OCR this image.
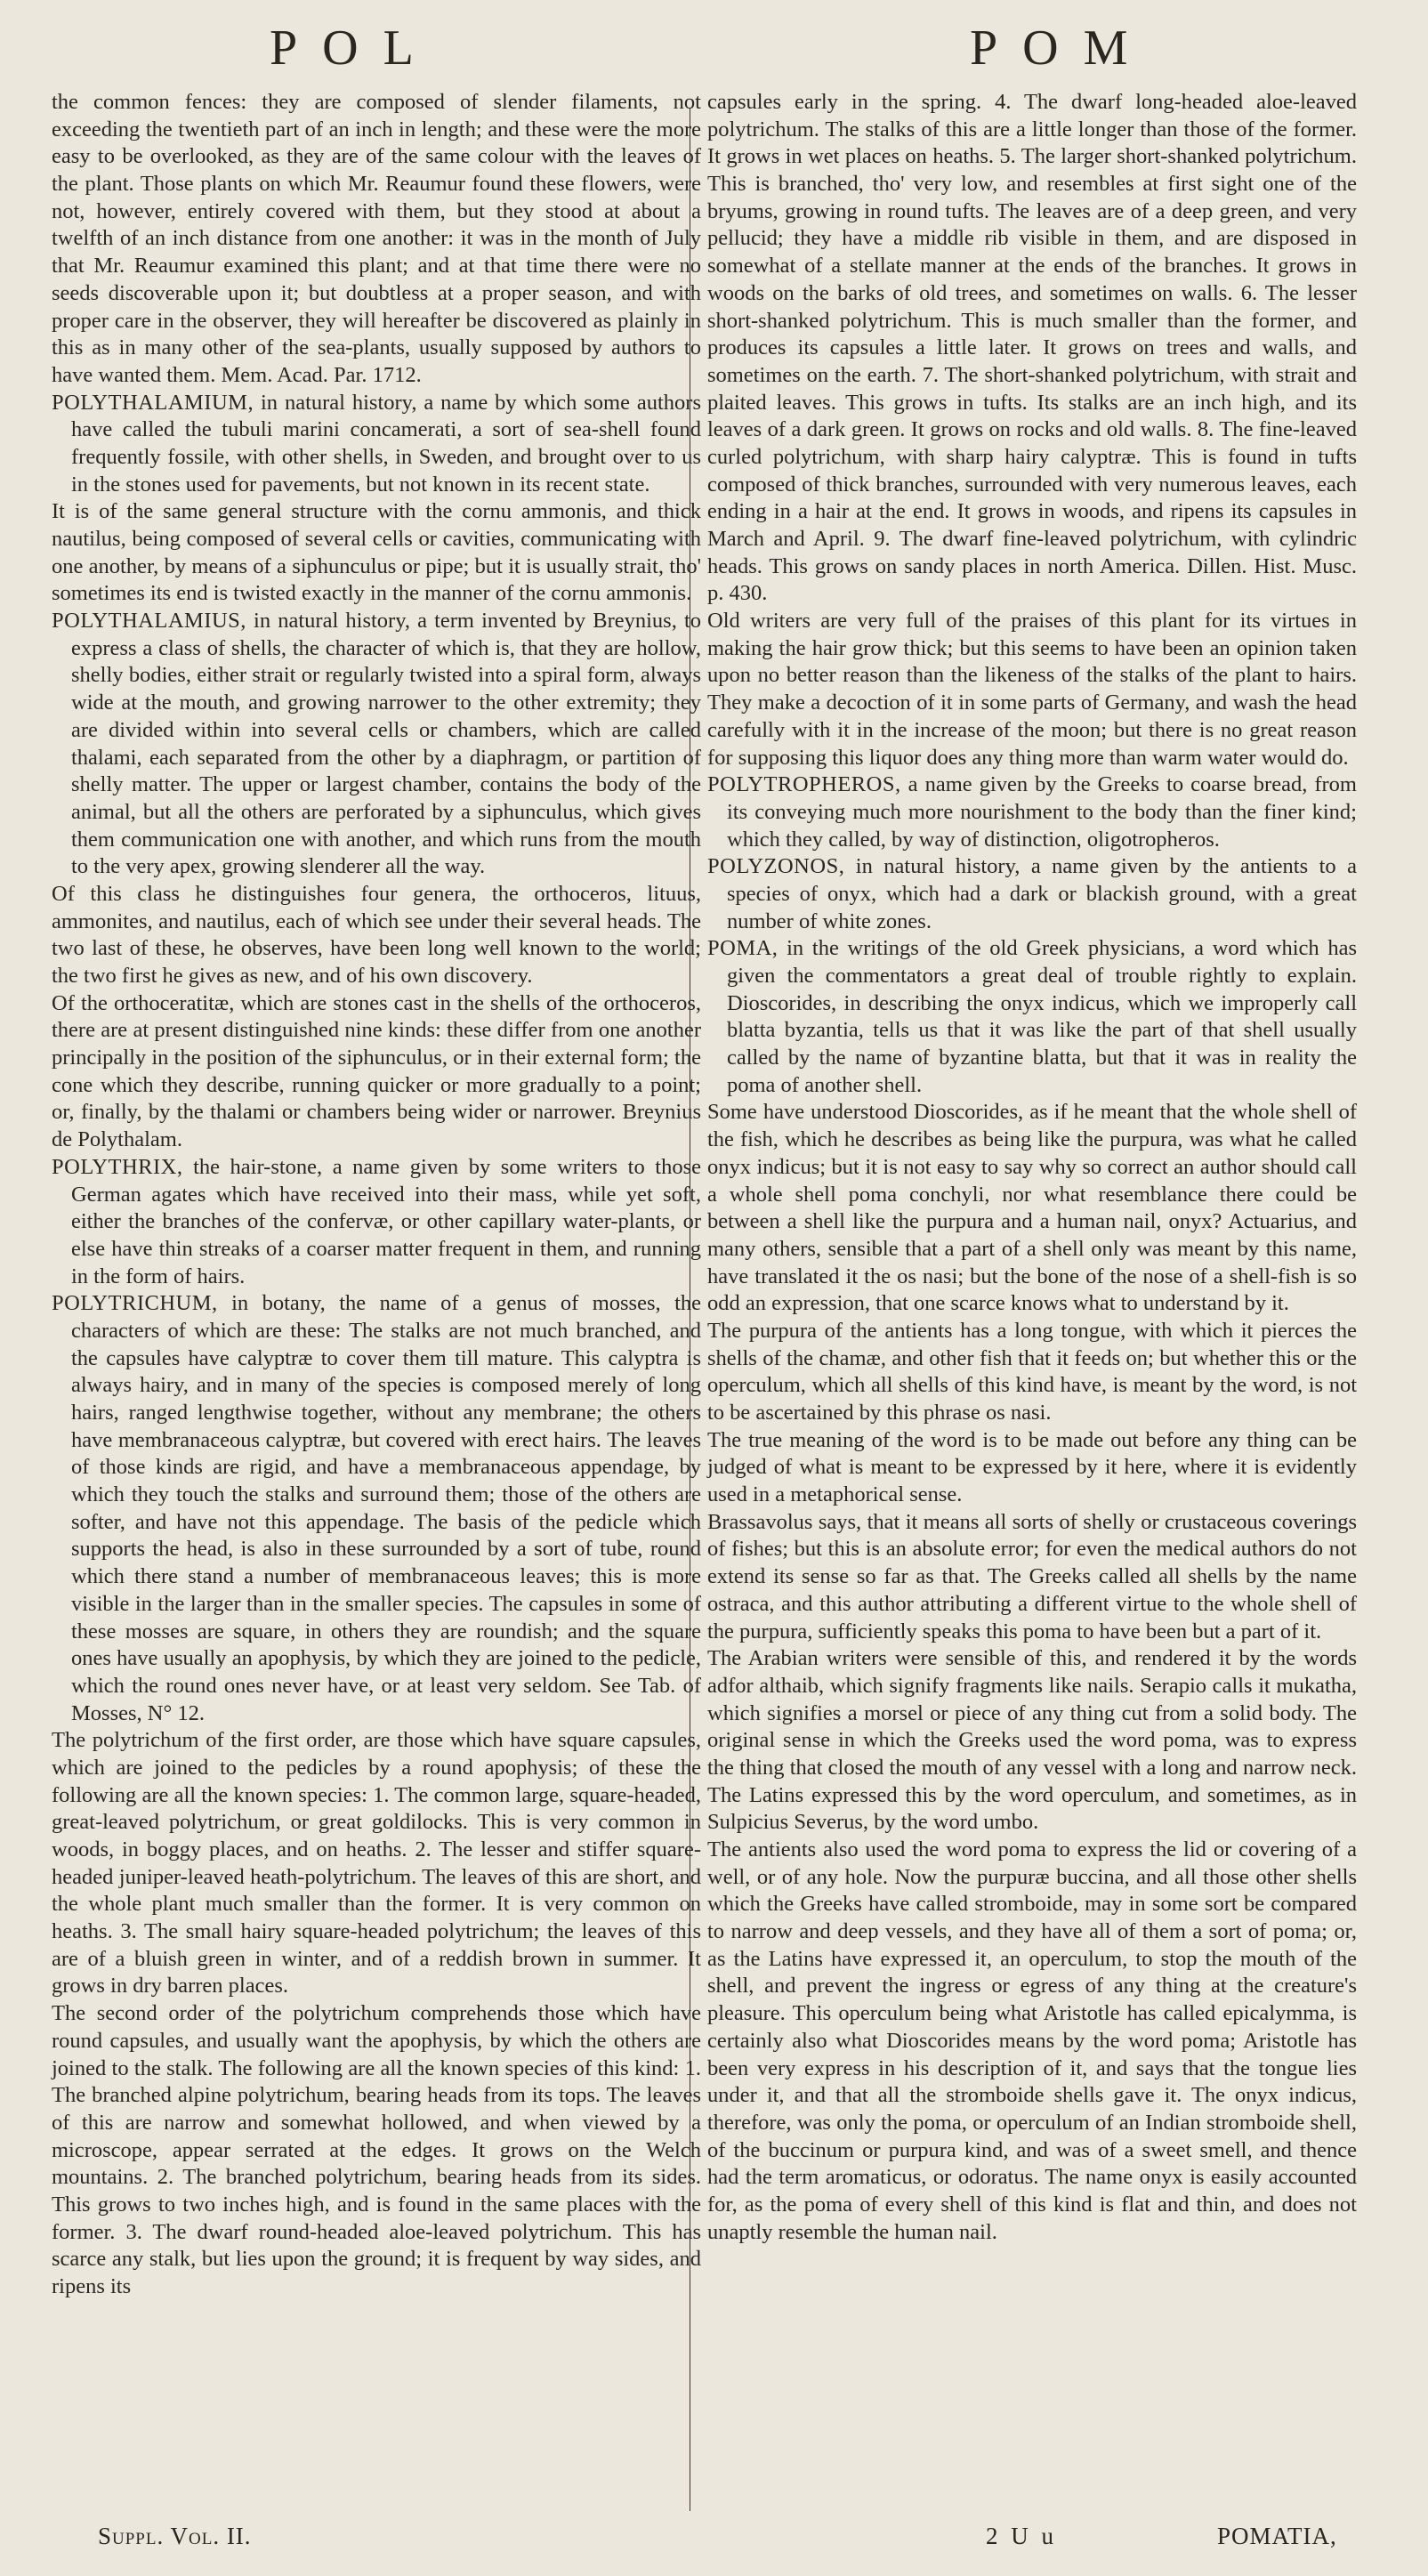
POL	POM
the common fences: they are composed of slender filaments, not exceeding the twentieth part of an inch in length; and these were the more easy to be overlooked, as they are of the same colour with the leaves of the plant. Those plants on which Mr. Reaumur found these flowers, were not, however, entirely covered with them, but they stood at about a twelfth of an inch distance from one another: it was in the month of July that Mr. Reaumur examined this plant; and at that time there were no seeds discoverable upon it; but doubtless at a proper season, and with proper care in the observer, they will hereafter be discovered as plainly in this as in many other of the sea-plants, usually supposed by authors to have wanted them. Mem. Acad. Par. 1712.
POLYTHALAMIUM, in natural history, a name by which some authors have called the tubuli marini concamerati, a sort of sea-shell found frequently fossile, with other shells, in Sweden, and brought over to us in the stones used for pavements, but not known in its recent state.
It is of the same general structure with the cornu ammonis, and thick nautilus, being composed of several cells or cavities, communicating with one another, by means of a siphunculus or pipe; but it is usually strait, tho' sometimes its end is twisted exactly in the manner of the cornu ammonis.
POLYTHALAMIUS, in natural history, a term invented by Breynius, to express a class of shells, the character of which is, that they are hollow, shelly bodies, either strait or regularly twisted into a spiral form, always wide at the mouth, and growing narrower to the other extremity; they are divided within into several cells or chambers, which are called thalami, each separated from the other by a diaphragm, or partition of shelly matter. The upper or largest chamber, contains the body of the animal, but all the others are perforated by a siphunculus, which gives them communication one with another, and which runs from the mouth to the very apex, growing slenderer all the way.
Of this class he distinguishes four genera, the orthoceros, lituus, ammonites, and nautilus, each of which see under their several heads. The two last of these, he observes, have been long well known to the world; the two first he gives as new, and of his own discovery.
Of the orthoceratitæ, which are stones cast in the shells of the orthoceros, there are at present distinguished nine kinds: these differ from one another principally in the position of the siphunculus, or in their external form; the cone which they describe, running quicker or more gradually to a point; or, finally, by the thalami or chambers being wider or narrower. Breynius de Polythalam.
POLYTHRIX, the hair-stone, a name given by some writers to those German agates which have received into their mass, while yet soft, either the branches of the confervæ, or other capillary water-plants, or else have thin streaks of a coarser matter frequent in them, and running in the form of hairs.
POLYTRICHUM, in botany, the name of a genus of mosses, the characters of which are these: The stalks are not much branched, and the capsules have calyptræ to cover them till mature. This calyptra is always hairy, and in many of the species is composed merely of long hairs, ranged lengthwise together, without any membrane; the others have membranaceous calyptræ, but covered with erect hairs. The leaves of those kinds are rigid, and have a membranaceous appendage, by which they touch the stalks and surround them; those of the others are softer, and have not this appendage. The basis of the pedicle which supports the head, is also in these surrounded by a sort of tube, round which there stand a number of membranaceous leaves; this is more visible in the larger than in the smaller species. The capsules in some of these mosses are square, in others they are roundish; and the square ones have usually an apophysis, by which they are joined to the pedicle, which the round ones never have, or at least very seldom. See Tab. of Mosses, N° 12.
The polytrichum of the first order, are those which have square capsules, which are joined to the pedicles by a round apophysis; of these the following are all the known species: 1. The common large, square-headed, great-leaved polytrichum, or great goldilocks. This is very common in woods, in boggy places, and on heaths. 2. The lesser and stiffer square-headed juniper-leaved heath-polytrichum. The leaves of this are short, and the whole plant much smaller than the former. It is very common on heaths. 3. The small hairy square-headed polytrichum; the leaves of this are of a bluish green in winter, and of a reddish brown in summer. It grows in dry barren places.
The second order of the polytrichum comprehends those which have round capsules, and usually want the apophysis, by which the others are joined to the stalk. The following are all the known species of this kind: 1. The branched alpine polytrichum, bearing heads from its tops. The leaves of this are narrow and somewhat hollowed, and when viewed by a microscope, appear serrated at the edges. It grows on the Welch mountains. 2. The branched polytrichum, bearing heads from its sides. This grows to two inches high, and is found in the same places with the former. 3. The dwarf round-headed aloe-leaved polytrichum. This has scarce any stalk, but lies upon the ground; it is frequent by way sides, and ripens its
capsules early in the spring. 4. The dwarf long-headed aloe-leaved polytrichum. The stalks of this are a little longer than those of the former. It grows in wet places on heaths. 5. The larger short-shanked polytrichum. This is branched, tho' very low, and resembles at first sight one of the bryums, growing in round tufts. The leaves are of a deep green, and very pellucid; they have a middle rib visible in them, and are disposed in somewhat of a stellate manner at the ends of the branches. It grows in woods on the barks of old trees, and sometimes on walls. 6. The lesser short-shanked polytrichum. This is much smaller than the former, and produces its capsules a little later. It grows on trees and walls, and sometimes on the earth. 7. The short-shanked polytrichum, with strait and plaited leaves. This grows in tufts. Its stalks are an inch high, and its leaves of a dark green. It grows on rocks and old walls. 8. The fine-leaved curled polytrichum, with sharp hairy calyptræ. This is found in tufts composed of thick branches, surrounded with very numerous leaves, each ending in a hair at the end. It grows in woods, and ripens its capsules in March and April. 9. The dwarf fine-leaved polytrichum, with cylindric heads. This grows on sandy places in north America. Dillen. Hist. Musc. p. 430.
Old writers are very full of the praises of this plant for its virtues in making the hair grow thick; but this seems to have been an opinion taken upon no better reason than the likeness of the stalks of the plant to hairs. They make a decoction of it in some parts of Germany, and wash the head carefully with it in the increase of the moon; but there is no great reason for supposing this liquor does any thing more than warm water would do.
POLYTROPHEROS, a name given by the Greeks to coarse bread, from its conveying much more nourishment to the body than the finer kind; which they called, by way of distinction, oligotropheros.
POLYZONOS, in natural history, a name given by the antients to a species of onyx, which had a dark or blackish ground, with a great number of white zones.
POMA, in the writings of the old Greek physicians, a word which has given the commentators a great deal of trouble rightly to explain. Dioscorides, in describing the onyx indicus, which we improperly call blatta byzantia, tells us that it was like the part of that shell usually called by the name of byzantine blatta, but that it was in reality the poma of another shell.
Some have understood Dioscorides, as if he meant that the whole shell of the fish, which he describes as being like the purpura, was what he called onyx indicus; but it is not easy to say why so correct an author should call a whole shell poma conchyli, nor what resemblance there could be between a shell like the purpura and a human nail, onyx? Actuarius, and many others, sensible that a part of a shell only was meant by this name, have translated it the os nasi; but the bone of the nose of a shell-fish is so odd an expression, that one scarce knows what to understand by it.
The purpura of the antients has a long tongue, with which it pierces the shells of the chamæ, and other fish that it feeds on; but whether this or the operculum, which all shells of this kind have, is meant by the word, is not to be ascertained by this phrase os nasi.
The true meaning of the word is to be made out before any thing can be judged of what is meant to be expressed by it here, where it is evidently used in a metaphorical sense.
Brassavolus says, that it means all sorts of shelly or crustaceous coverings of fishes; but this is an absolute error; for even the medical authors do not extend its sense so far as that. The Greeks called all shells by the name ostraca, and this author attributing a different virtue to the whole shell of the purpura, sufficiently speaks this poma to have been but a part of it.
The Arabian writers were sensible of this, and rendered it by the words adfor althaib, which signify fragments like nails. Serapio calls it mukatha, which signifies a morsel or piece of any thing cut from a solid body. The original sense in which the Greeks used the word poma, was to express the thing that closed the mouth of any vessel with a long and narrow neck. The Latins expressed this by the word operculum, and sometimes, as in Sulpicius Severus, by the word umbo.
The antients also used the word poma to express the lid or covering of a well, or of any hole. Now the purpuræ buccina, and all those other shells which the Greeks have called stromboide, may in some sort be compared to narrow and deep vessels, and they have all of them a sort of poma; or, as the Latins have expressed it, an operculum, to stop the mouth of the shell, and prevent the ingress or egress of any thing at the creature's pleasure. This operculum being what Aristotle has called epicalymma, is certainly also what Dioscorides means by the word poma; Aristotle has been very express in his description of it, and says that the tongue lies under it, and that all the stromboide shells gave it. The onyx indicus, therefore, was only the poma, or operculum of an Indian stromboide shell, of the buccinum or purpura kind, and was of a sweet smell, and thence had the term aromaticus, or odoratus. The name onyx is easily accounted for, as the poma of every shell of this kind is flat and thin, and does not unaptly resemble the human nail.
Suppl. Vol. II.	2 U u	POMATIA,
